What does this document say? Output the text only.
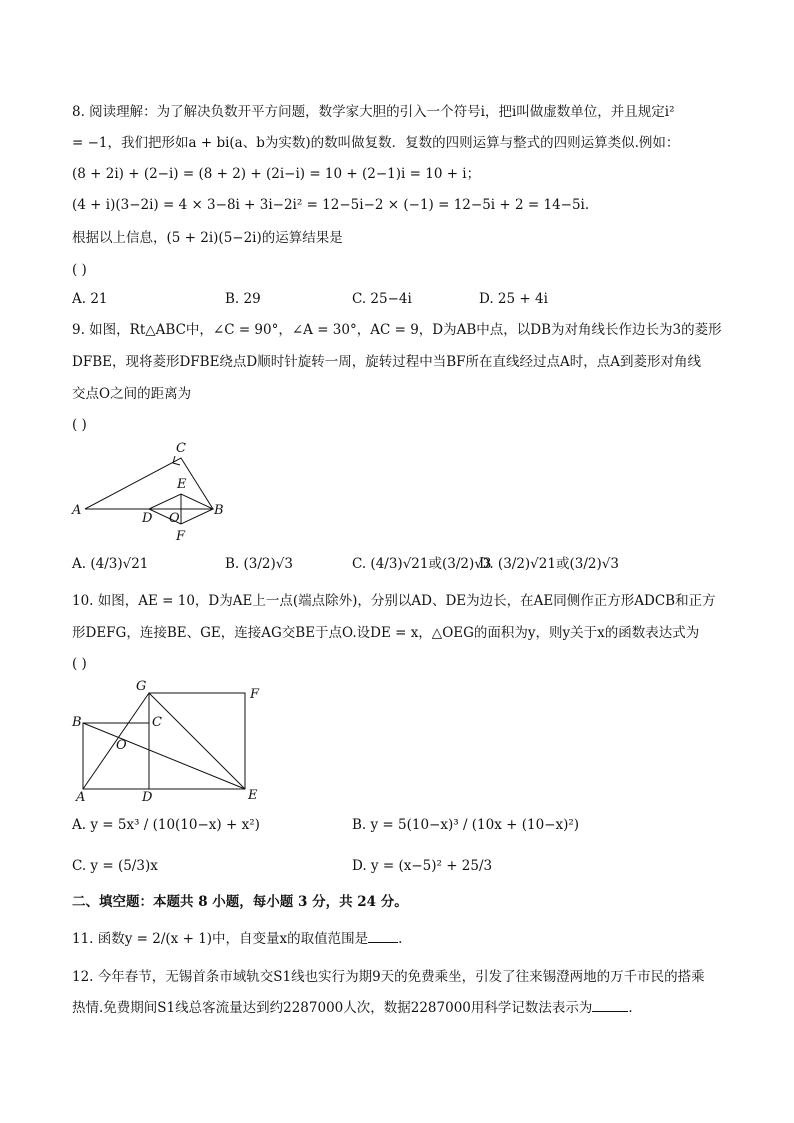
8. 阅读理解：为了解决负数开平方问题，数学家大胆的引入一个符号i，把i叫做虚数单位，并且规定i²
= −1，我们把形如a + bi(a、b为实数)的数叫做复数．复数的四则运算与整式的四则运算类似.例如：
(8 + 2i) + (2−i) = (8 + 2) + (2i−i) = 10 + (2−1)i = 10 + i；
(4 + i)(3−2i) = 4 × 3−8i + 3i−2i² = 12−5i−2 × (−1) = 12−5i + 2 = 14−5i.
根据以上信息，(5 + 2i)(5−2i)的运算结果是
( )
A. 21	B. 29	C. 25−4i	D. 25 + 4i
9. 如图，Rt△ABC中，∠C = 90°，∠A = 30°，AC = 9，D为AB中点，以DB为对角线长作边长为3的菱形
DFBE，现将菱形DFBE绕点D顺时针旋转一周，旋转过程中当BF所在直线经过点A时，点A到菱形对角线
交点O之间的距离为
( )
C
E
A
D O
B
F
A. (4/3)√21	B. (3/2)√3	C. (4/3)√21或(3/2)√3
D. (3/2)√21或(3/2)√3
10. 如图，AE = 10，D为AE上一点(端点除外)，分别以AD、DE为边长，在AE同侧作正方形ADCB和正方
形DEFG，连接BE、GE，连接AG交BE于点O.设DE = x，△OEG的面积为y，则y关于x的函数表达式为
( )
G
F
B	C
O
A	D	E
A. y = 5x³ / (10(10−x) + x²)	B. y = 5(10−x)³ / (10x + (10−x)²)
C. y = (5/3)x	D. y = (x−5)² + 25/3
二、填空题：本题共 8 小题，每小题 3 分，共 24 分。
11. 函数y = 2/(x + 1)中，自变量x的取值范围是 .
12. 今年春节，无锡首条市域轨交S1线也实行为期9天的免费乘坐，引发了往来锡澄两地的万千市民的搭乘
热情.免费期间S1线总客流量达到约2287000人次，数据2287000用科学记数法表示为	.
